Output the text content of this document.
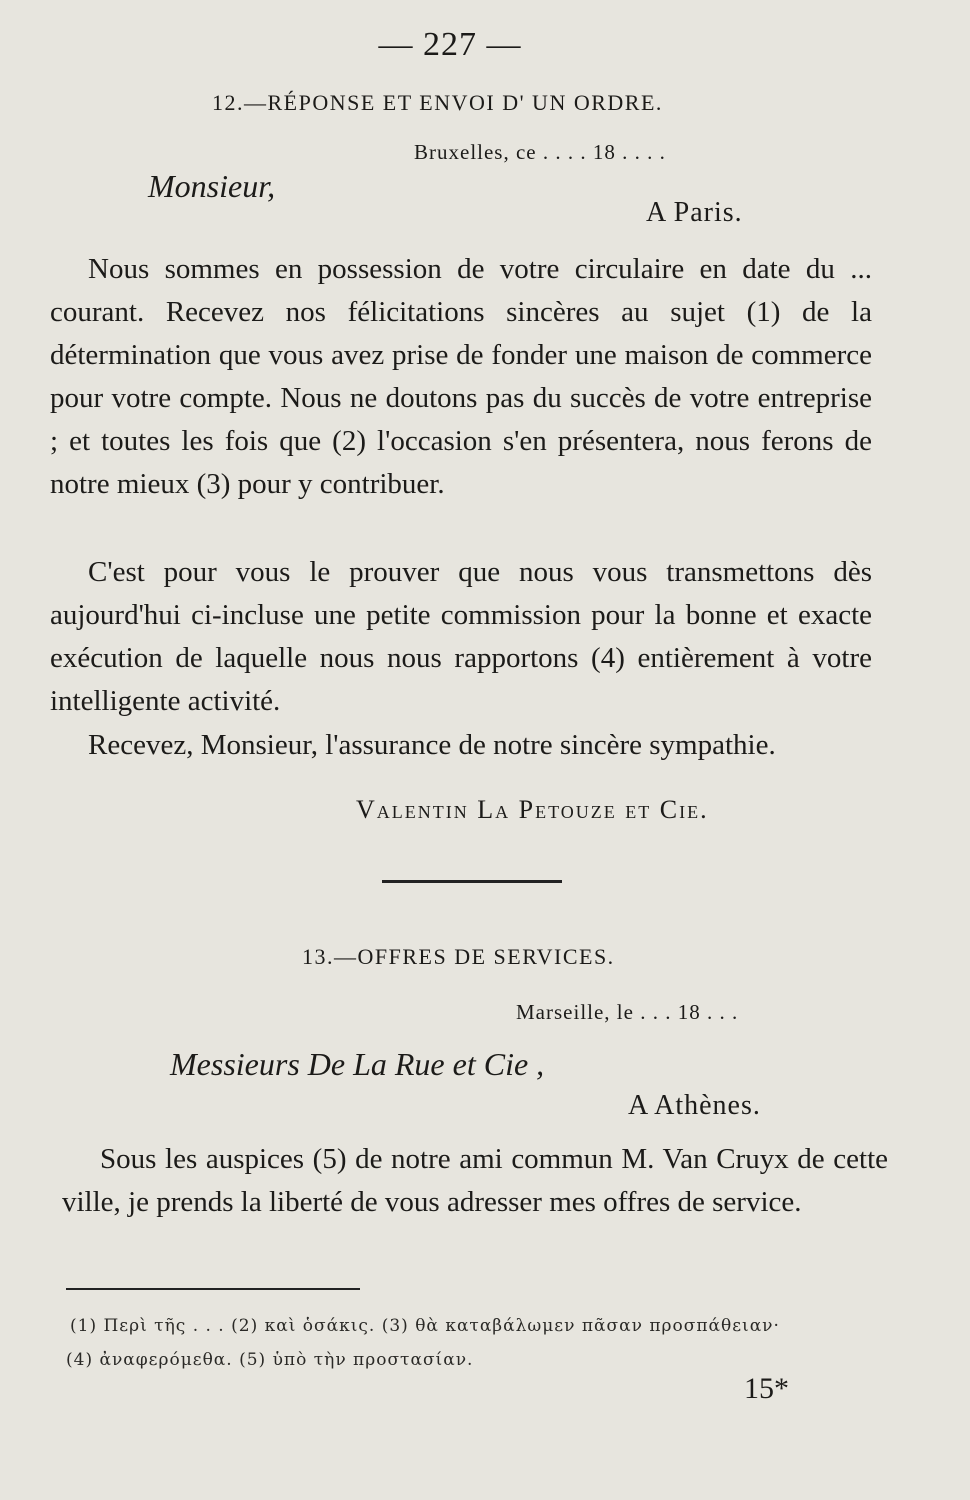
— 227 —
12.—RÉPONSE ET ENVOI D' UN ORDRE.
Bruxelles, ce . . . . 18 . . . .
Monsieur,
A Paris.
Nous sommes en possession de votre circulaire en date du ... courant. Recevez nos félicitations sincères au sujet (1) de la détermination que vous avez prise de fonder une maison de commerce pour votre compte. Nous ne doutons pas du succès de votre entreprise ; et toutes les fois que (2) l'occasion s'en présentera, nous ferons de notre mieux (3) pour y contribuer.
C'est pour vous le prouver que nous vous transmettons dès aujourd'hui ci-incluse une petite commission pour la bonne et exacte exécution de laquelle nous nous rapportons (4) entièrement à votre intelligente activité.
Recevez, Monsieur, l'assurance de notre sincère sympathie.
Valentin La Petouze et Cie.
13.—OFFRES DE SERVICES.
Marseille, le . . . 18 . . .
Messieurs De La Rue et Cie ,
A Athènes.
Sous les auspices (5) de notre ami commun M. Van Cruyx de cette ville, je prends la liberté de vous adresser mes offres de service.
(1) Περὶ τῆς . . . (2) καὶ ὁσάκις. (3) θὰ καταβάλωμεν πᾶσαν προσπάθειαν·
(4) ἀναφερόμεθα. (5) ὑπὸ τὴν προστασίαν.
15*
